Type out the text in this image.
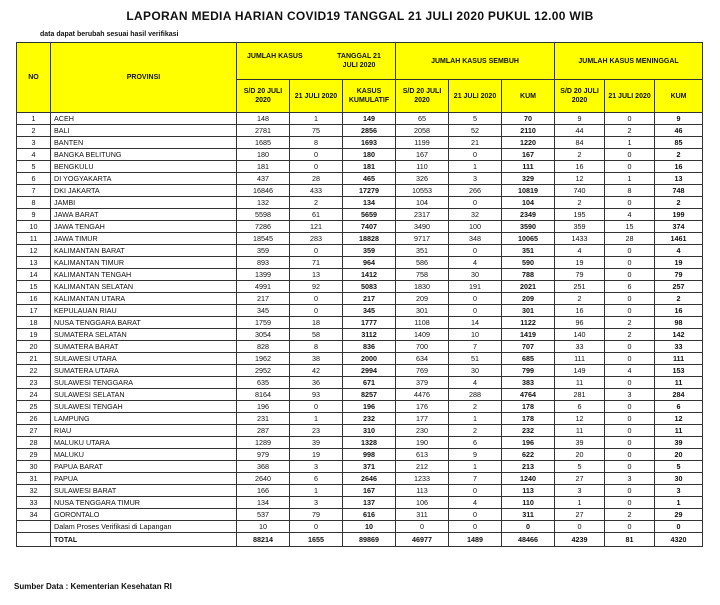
LAPORAN MEDIA HARIAN COVID19 TANGGAL 21 JULI 2020 PUKUL 12.00 WIB
data dapat berubah sesuai hasil verifikasi
NO	PROVINSI	JUMLAH KASUS TANGGAL 21 JULI 2020			JUMLAH KASUS SEMBUH			JUMLAH KASUS MENINGGAL		
		S/D 20 JULI 2020	21 JULI 2020	KASUS KUMULATIF	S/D 20 JULI 2020	21 JULI 2020	KUM	S/D 20 JULI 2020	21 JULI 2020	KUM
1	ACEH	148	1	149	65	5	70	9	0	9
2	BALI	2781	75	2856	2058	52	2110	44	2	46
3	BANTEN	1685	8	1693	1199	21	1220	84	1	85
4	BANGKA BELITUNG	180	0	180	167	0	167	2	0	2
5	BENGKULU	181	0	181	110	1	111	16	0	16
6	DI YOGYAKARTA	437	28	465	326	3	329	12	1	13
7	DKI JAKARTA	16846	433	17279	10553	266	10819	740	8	748
8	JAMBI	132	2	134	104	0	104	2	0	2
9	JAWA BARAT	5598	61	5659	2317	32	2349	195	4	199
10	JAWA TENGAH	7286	121	7407	3490	100	3590	359	15	374
11	JAWA TIMUR	18545	283	18828	9717	348	10065	1433	28	1461
12	KALIMANTAN BARAT	359	0	359	351	0	351	4	0	4
13	KALIMANTAN TIMUR	893	71	964	586	4	590	19	0	19
14	KALIMANTAN TENGAH	1399	13	1412	758	30	788	79	0	79
15	KALIMANTAN SELATAN	4991	92	5083	1830	191	2021	251	6	257
16	KALIMANTAN UTARA	217	0	217	209	0	209	2	0	2
17	KEPULAUAN RIAU	345	0	345	301	0	301	16	0	16
18	NUSA TENGGARA BARAT	1759	18	1777	1108	14	1122	96	2	98
19	SUMATERA SELATAN	3054	58	3112	1409	10	1419	140	2	142
20	SUMATERA BARAT	828	8	836	700	7	707	33	0	33
21	SULAWESI UTARA	1962	38	2000	634	51	685	111	0	111
22	SUMATERA UTARA	2952	42	2994	769	30	799	149	4	153
23	SULAWESI TENGGARA	635	36	671	379	4	383	11	0	11
24	SULAWESI SELATAN	8164	93	8257	4476	288	4764	281	3	284
25	SULAWESI TENGAH	196	0	196	176	2	178	6	0	6
26	LAMPUNG	231	1	232	177	1	178	12	0	12
27	RIAU	287	23	310	230	2	232	11	0	11
28	MALUKU UTARA	1289	39	1328	190	6	196	39	0	39
29	MALUKU	979	19	998	613	9	622	20	0	20
30	PAPUA BARAT	368	3	371	212	1	213	5	0	5
31	PAPUA	2640	6	2646	1233	7	1240	27	3	30
32	SULAWESI BARAT	166	1	167	113	0	113	3	0	3
33	NUSA TENGGARA TIMUR	134	3	137	106	4	110	1	0	1
34	GORONTALO	537	79	616	311	0	311	27	2	29
	Dalam Proses Verifikasi di Lapangan	10	0	10	0	0	0	0	0	0
	TOTAL	88214	1655	89869	46977	1489	48466	4239	81	4320
Sumber Data : Kementerian Kesehatan RI
